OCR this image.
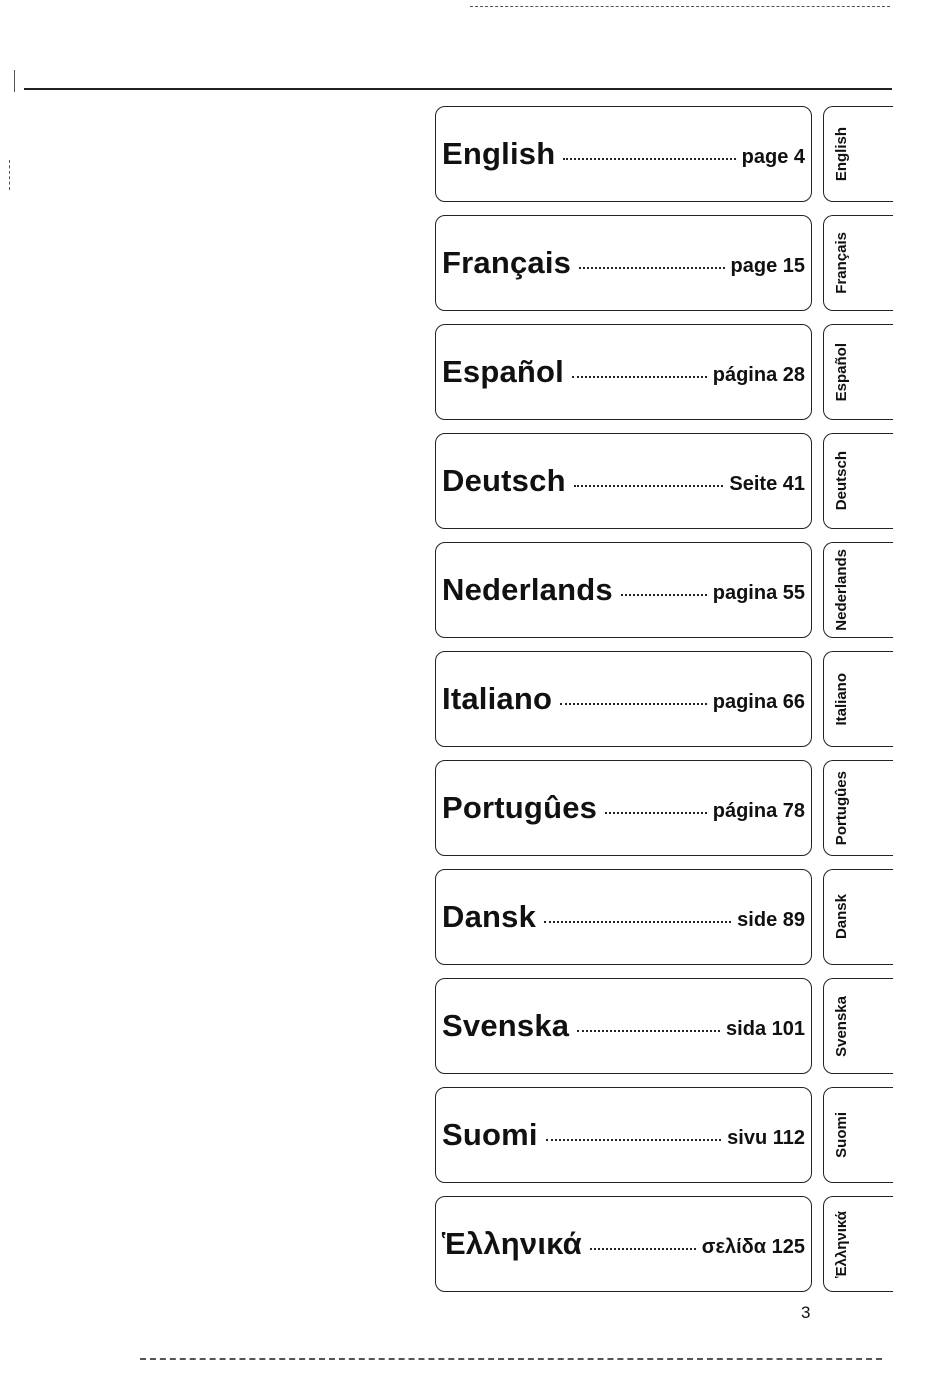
English	page 4 English
Français	page 15 Français
Español	página 28 Español
Deutsch	Seite 41 Deutsch
Nederlands	pagina 55 Nederlands
Italiano	pagina 66 Italiano
Portugûes	página 78 Portugûes
Dansk	side 89 Dansk
Svenska	sida 101 Svenska
Suomi	sivu 112 Suomi
Ἑλληνικά	σελίδα 125 Ἑλληνικά
3
